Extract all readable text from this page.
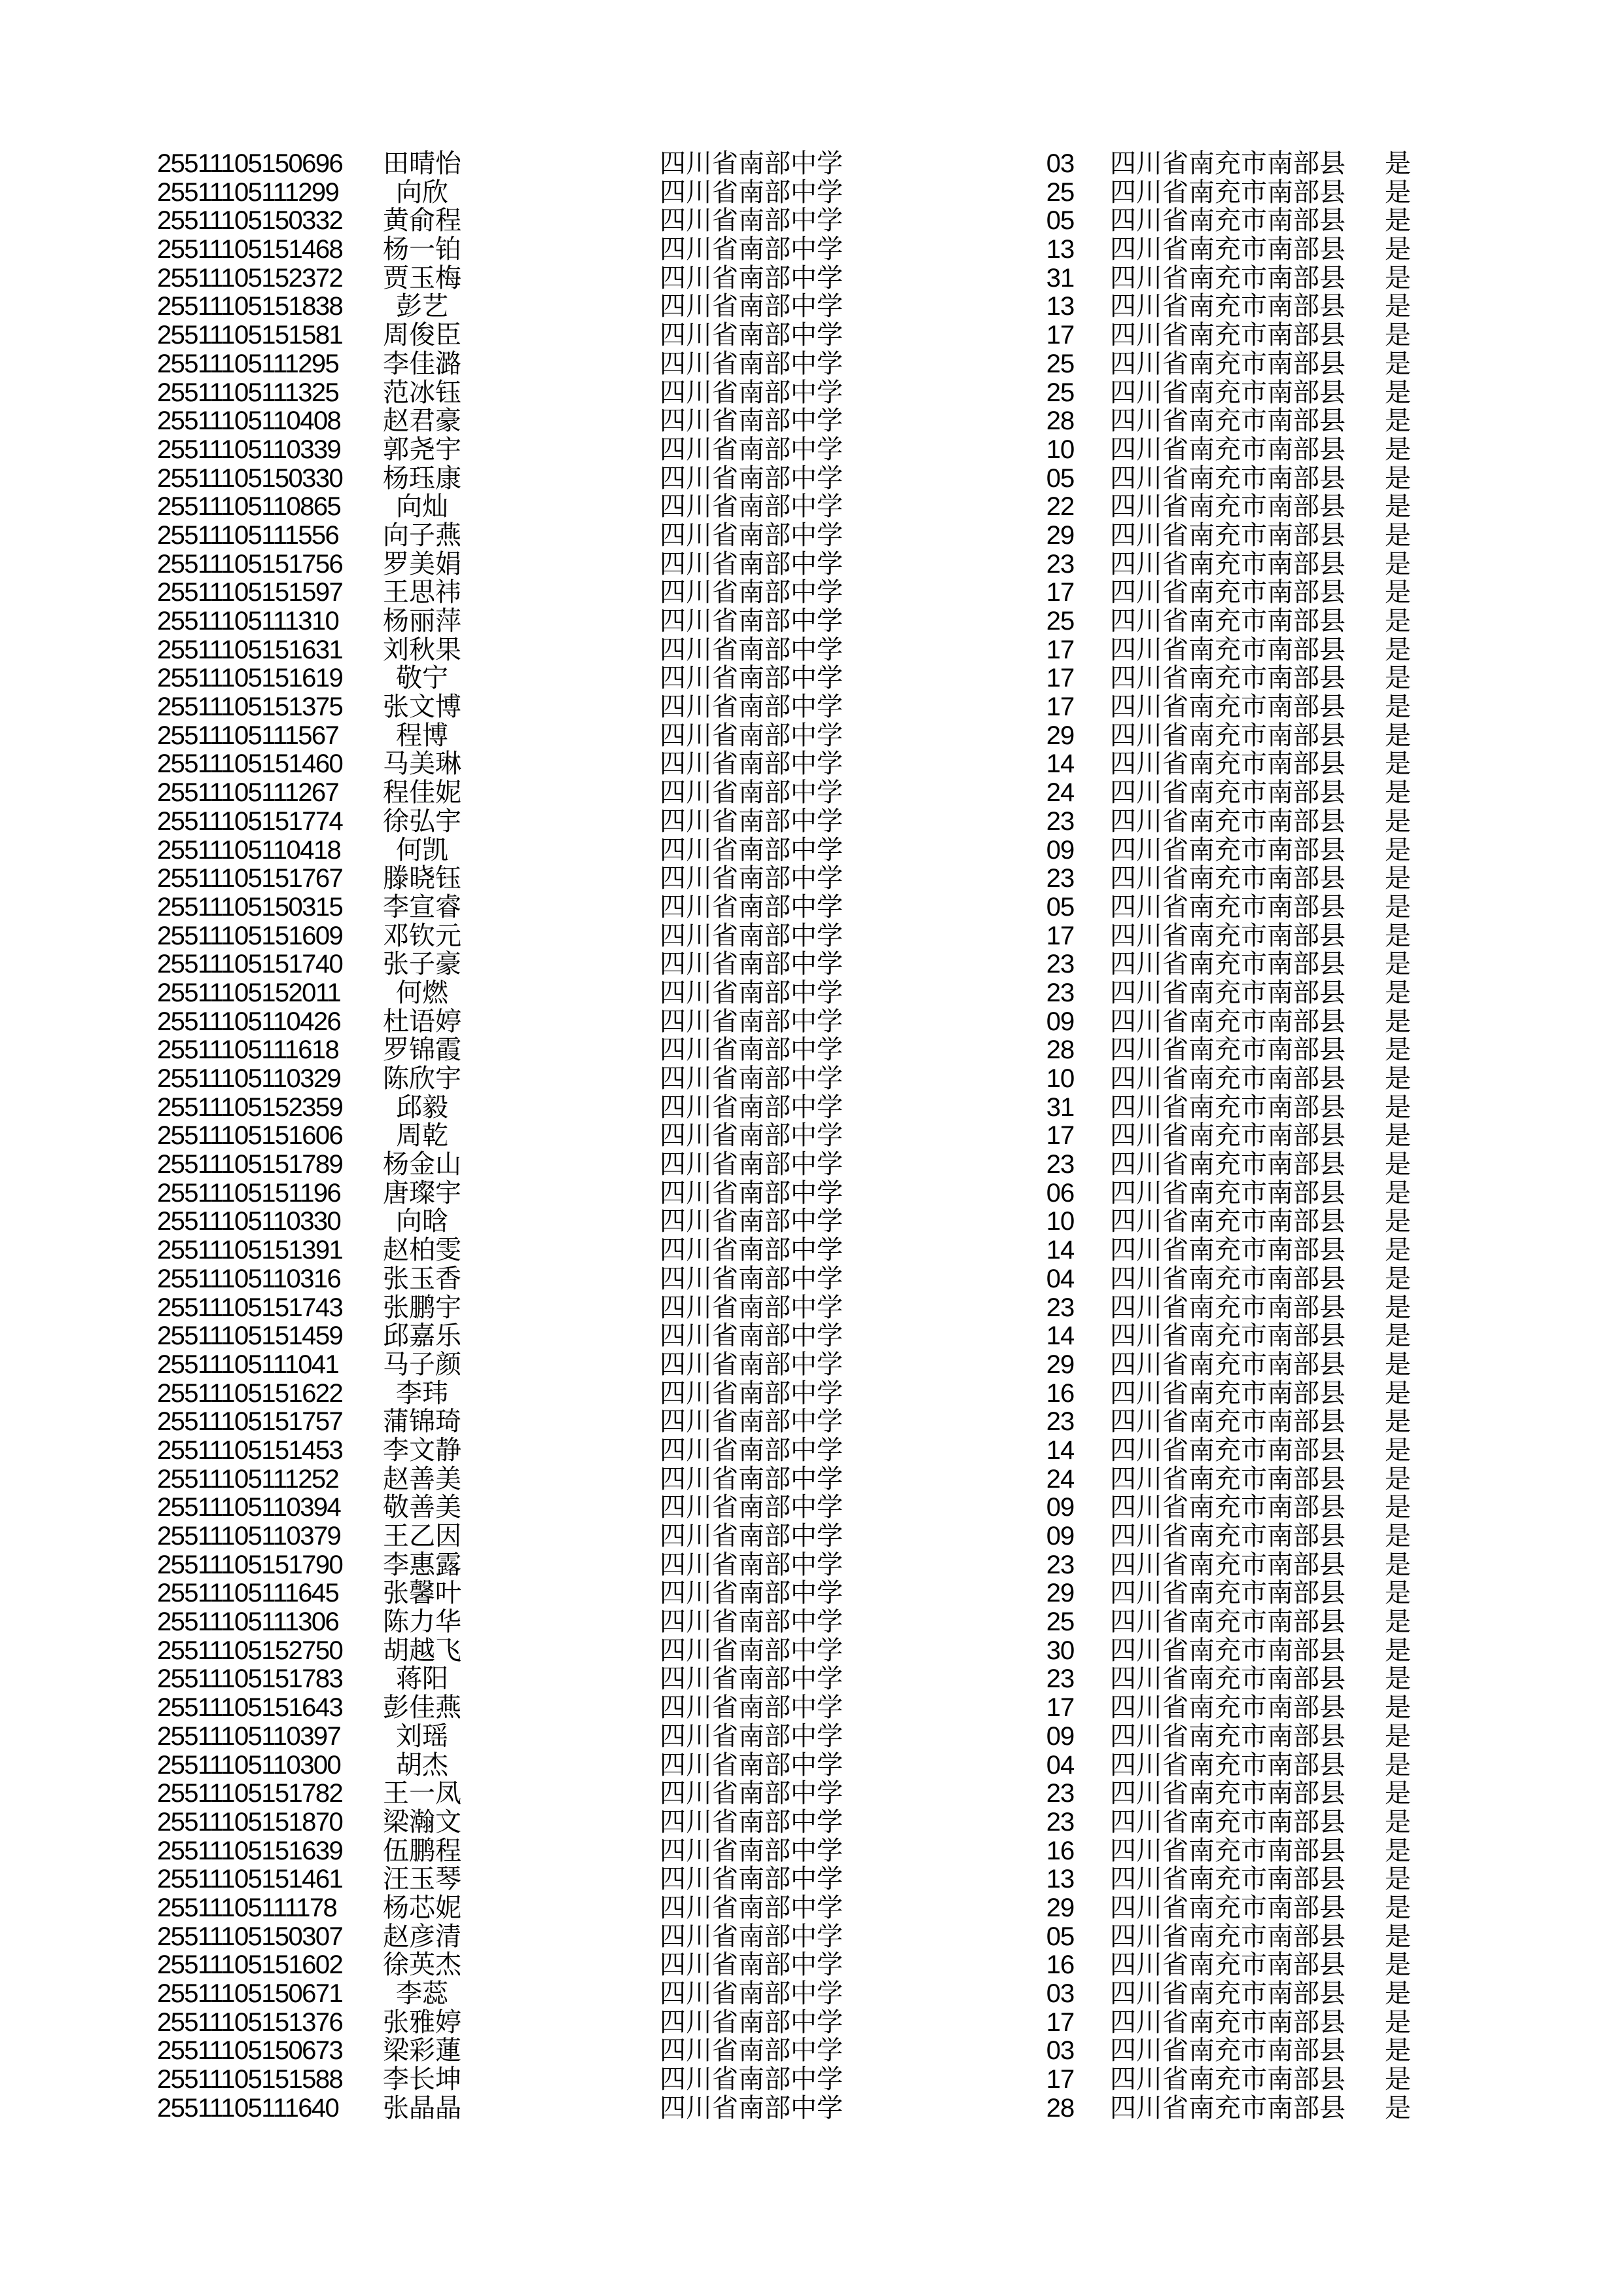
25511105150696	田晴怡	四川省南部中学	03	四川省南充市南部县	是
25511105111299	向欣	四川省南部中学	25	四川省南充市南部县	是
25511105150332	黄俞程	四川省南部中学	05	四川省南充市南部县	是
25511105151468	杨一铂	四川省南部中学	13	四川省南充市南部县	是
25511105152372	贾玉梅	四川省南部中学	31	四川省南充市南部县	是
25511105151838	彭艺	四川省南部中学	13	四川省南充市南部县	是
25511105151581	周俊臣	四川省南部中学	17	四川省南充市南部县	是
25511105111295	李佳潞	四川省南部中学	25	四川省南充市南部县	是
25511105111325	范冰钰	四川省南部中学	25	四川省南充市南部县	是
25511105110408	赵君豪	四川省南部中学	28	四川省南充市南部县	是
25511105110339	郭尧宇	四川省南部中学	10	四川省南充市南部县	是
25511105150330	杨珏康	四川省南部中学	05	四川省南充市南部县	是
25511105110865	向灿	四川省南部中学	22	四川省南充市南部县	是
25511105111556	向子燕	四川省南部中学	29	四川省南充市南部县	是
25511105151756	罗美娟	四川省南部中学	23	四川省南充市南部县	是
25511105151597	王思祎	四川省南部中学	17	四川省南充市南部县	是
25511105111310	杨丽萍	四川省南部中学	25	四川省南充市南部县	是
25511105151631	刘秋果	四川省南部中学	17	四川省南充市南部县	是
25511105151619	敬宁	四川省南部中学	17	四川省南充市南部县	是
25511105151375	张文博	四川省南部中学	17	四川省南充市南部县	是
25511105111567	程博	四川省南部中学	29	四川省南充市南部县	是
25511105151460	马美琳	四川省南部中学	14	四川省南充市南部县	是
25511105111267	程佳妮	四川省南部中学	24	四川省南充市南部县	是
25511105151774	徐弘宇	四川省南部中学	23	四川省南充市南部县	是
25511105110418	何凯	四川省南部中学	09	四川省南充市南部县	是
25511105151767	滕晓钰	四川省南部中学	23	四川省南充市南部县	是
25511105150315	李宣睿	四川省南部中学	05	四川省南充市南部县	是
25511105151609	邓钦元	四川省南部中学	17	四川省南充市南部县	是
25511105151740	张子豪	四川省南部中学	23	四川省南充市南部县	是
25511105152011	何燃	四川省南部中学	23	四川省南充市南部县	是
25511105110426	杜语婷	四川省南部中学	09	四川省南充市南部县	是
25511105111618	罗锦霞	四川省南部中学	28	四川省南充市南部县	是
25511105110329	陈欣宇	四川省南部中学	10	四川省南充市南部县	是
25511105152359	邱毅	四川省南部中学	31	四川省南充市南部县	是
25511105151606	周乾	四川省南部中学	17	四川省南充市南部县	是
25511105151789	杨金山	四川省南部中学	23	四川省南充市南部县	是
25511105151196	唐璨宇	四川省南部中学	06	四川省南充市南部县	是
25511105110330	向晗	四川省南部中学	10	四川省南充市南部县	是
25511105151391	赵柏雯	四川省南部中学	14	四川省南充市南部县	是
25511105110316	张玉香	四川省南部中学	04	四川省南充市南部县	是
25511105151743	张鹏宇	四川省南部中学	23	四川省南充市南部县	是
25511105151459	邱嘉乐	四川省南部中学	14	四川省南充市南部县	是
25511105111041	马子颜	四川省南部中学	29	四川省南充市南部县	是
25511105151622	李玮	四川省南部中学	16	四川省南充市南部县	是
25511105151757	蒲锦琦	四川省南部中学	23	四川省南充市南部县	是
25511105151453	李文静	四川省南部中学	14	四川省南充市南部县	是
25511105111252	赵善美	四川省南部中学	24	四川省南充市南部县	是
25511105110394	敬善美	四川省南部中学	09	四川省南充市南部县	是
25511105110379	王乙因	四川省南部中学	09	四川省南充市南部县	是
25511105151790	李惠露	四川省南部中学	23	四川省南充市南部县	是
25511105111645	张馨叶	四川省南部中学	29	四川省南充市南部县	是
25511105111306	陈力华	四川省南部中学	25	四川省南充市南部县	是
25511105152750	胡越飞	四川省南部中学	30	四川省南充市南部县	是
25511105151783	蒋阳	四川省南部中学	23	四川省南充市南部县	是
25511105151643	彭佳燕	四川省南部中学	17	四川省南充市南部县	是
25511105110397	刘瑶	四川省南部中学	09	四川省南充市南部县	是
25511105110300	胡杰	四川省南部中学	04	四川省南充市南部县	是
25511105151782	王一凤	四川省南部中学	23	四川省南充市南部县	是
25511105151870	梁瀚文	四川省南部中学	23	四川省南充市南部县	是
25511105151639	伍鹏程	四川省南部中学	16	四川省南充市南部县	是
25511105151461	汪玉琴	四川省南部中学	13	四川省南充市南部县	是
25511105111178	杨芯妮	四川省南部中学	29	四川省南充市南部县	是
25511105150307	赵彦清	四川省南部中学	05	四川省南充市南部县	是
25511105151602	徐英杰	四川省南部中学	16	四川省南充市南部县	是
25511105150671	李蕊	四川省南部中学	03	四川省南充市南部县	是
25511105151376	张雅婷	四川省南部中学	17	四川省南充市南部县	是
25511105150673	梁彩蓮	四川省南部中学	03	四川省南充市南部县	是
25511105151588	李长坤	四川省南部中学	17	四川省南充市南部县	是
25511105111640	张晶晶	四川省南部中学	28	四川省南充市南部县	是
